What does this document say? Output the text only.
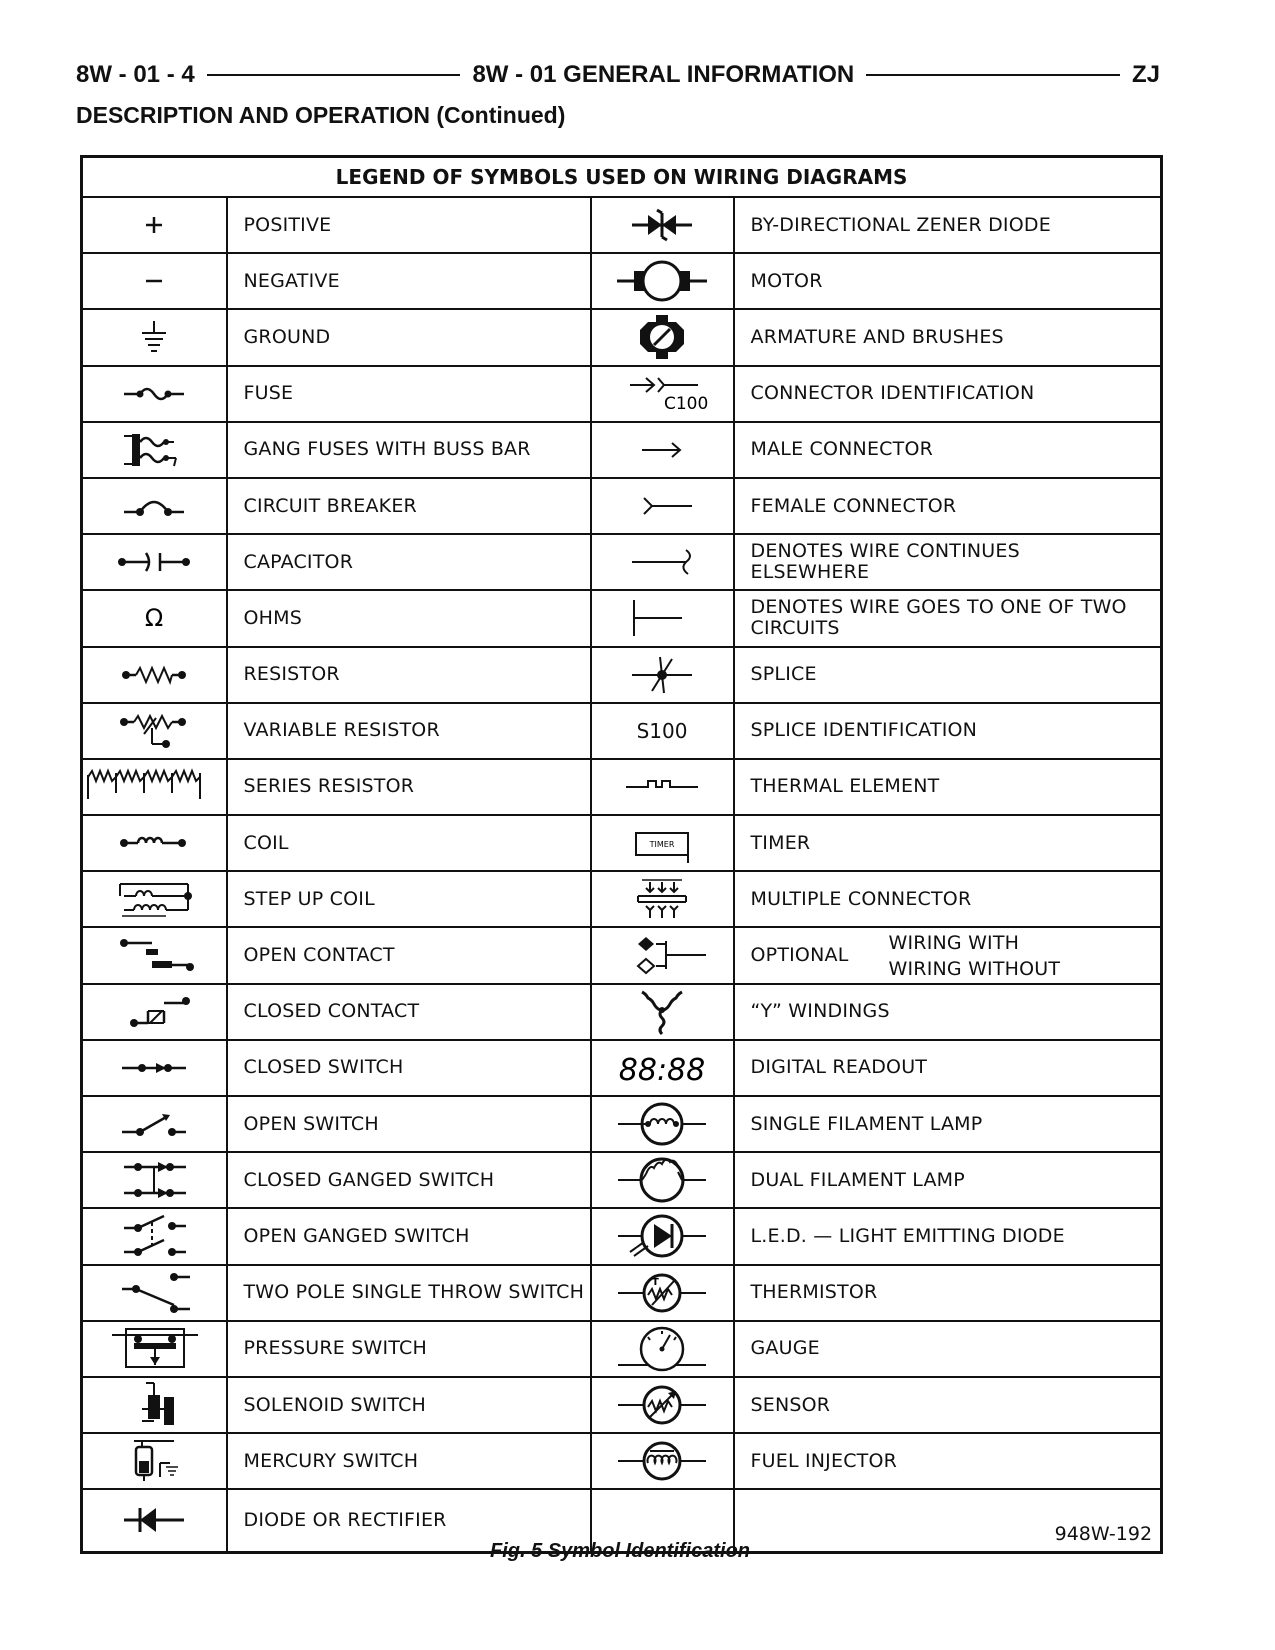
8W - 01 - 4	8W - 01 GENERAL INFORMATION	ZJ
DESCRIPTION AND OPERATION (Continued)
LEGEND OF SYMBOLS USED ON WIRING DIAGRAMS			

	POSITIVE		BY-DIRECTIONAL ZENER DIODE

	NEGATIVE		MOTOR

	GROUND		ARMATURE AND BRUSHES

	FUSE	C100	CONNECTOR IDENTIFICATION

	GANG FUSES WITH BUSS BAR		MALE CONNECTOR

	CIRCUIT BREAKER		FEMALE CONNECTOR

	CAPACITOR		DENOTES WIRE CONTINUES
ELSEWHERE

Ω	OHMS		DENOTES WIRE GOES TO ONE OF TWO
CIRCUITS

	RESISTOR		SPLICE

	VARIABLE RESISTOR	S100	SPLICE IDENTIFICATION

	SERIES RESISTOR		THERMAL ELEMENT

	COIL	TIMER	TIMER

	STEP UP COIL		MULTIPLE CONNECTOR

	OPEN CONTACT		OPTIONAL
WIRING WITH
WIRING WITHOUT

	CLOSED CONTACT		“Y” WINDINGS

	CLOSED SWITCH	88:88	DIGITAL READOUT

	OPEN SWITCH		SINGLE FILAMENT LAMP

	CLOSED GANGED SWITCH		DUAL FILAMENT LAMP

	OPEN GANGED SWITCH		L.E.D. — LIGHT EMITTING DIODE

	TWO POLE SINGLE THROW SWITCH	T	THERMISTOR

	PRESSURE SWITCH		GAUGE

	SOLENOID SWITCH		SENSOR

	MERCURY SWITCH		FUEL INJECTOR

	DIODE OR RECTIFIER		948W-192
Fig. 5 Symbol Identification
